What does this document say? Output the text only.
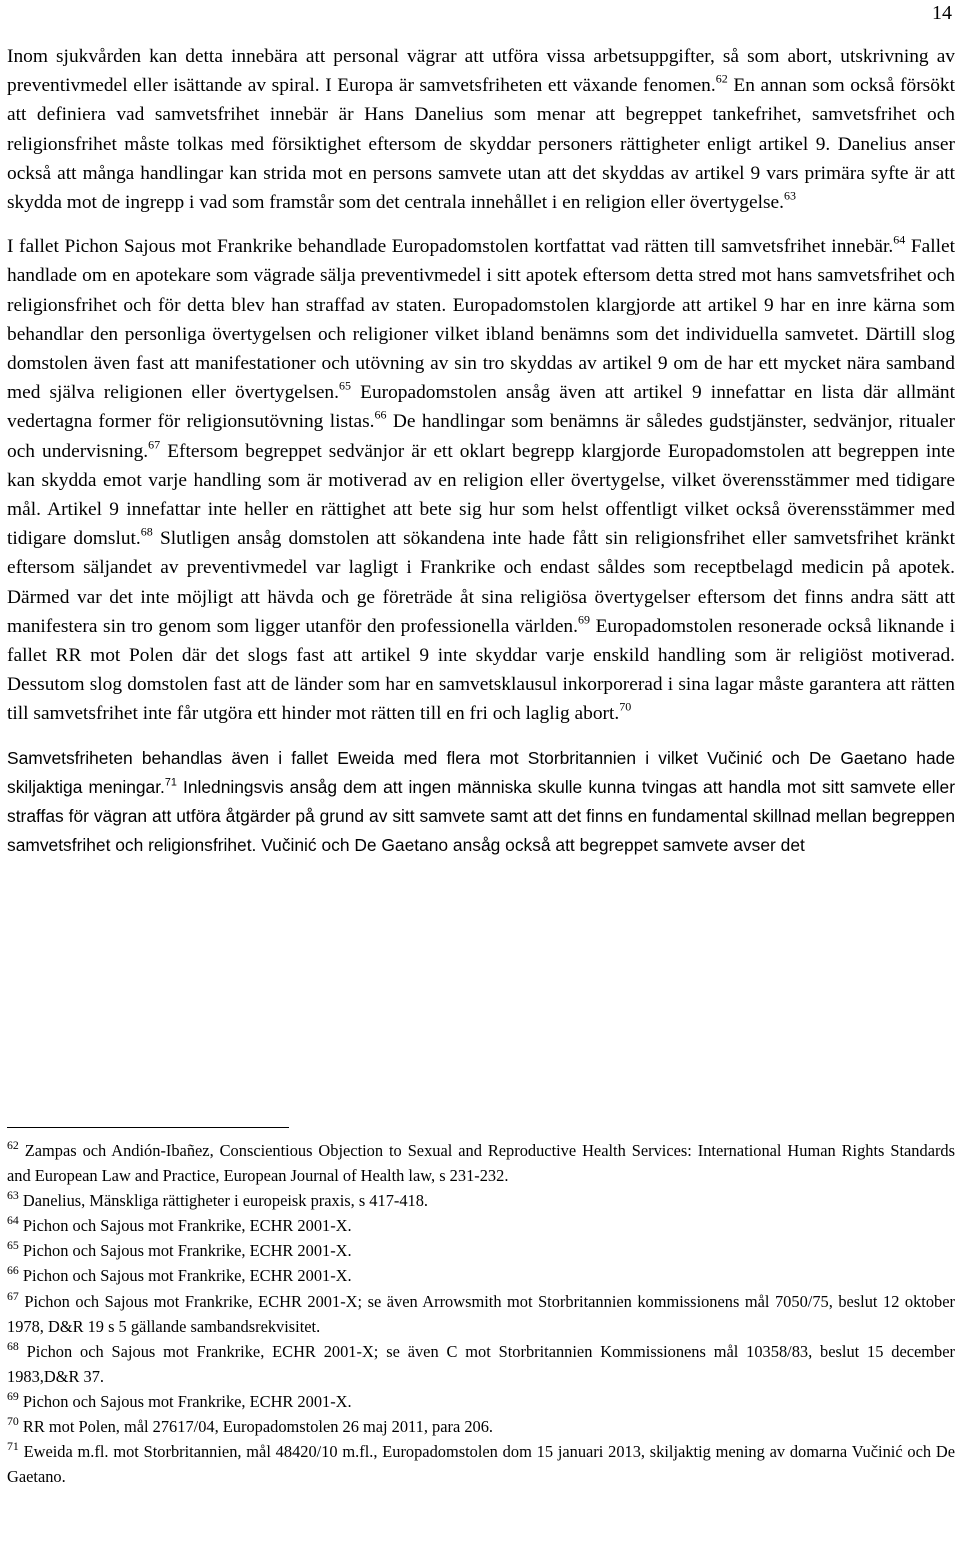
14

Inom sjukvården kan detta innebära att personal vägrar att utföra vissa arbetsuppgifter, så som abort, utskrivning av preventivmedel eller isättande av spiral. I Europa är samvetsfriheten ett växande fenomen.$^{62}$ En annan som också försökt att definiera vad samvetsfrihet innebär är Hans Danelius som menar att begreppet tankefrihet, samvetsfrihet och religionsfrihet måste tolkas med försiktighet eftersom de skyddar personers rättigheter enligt artikel 9. Danelius anser också att många handlingar kan strida mot en persons samvete utan att det skyddas av artikel 9 vars primära syfte är att skydda mot de ingrepp i vad som framstår som det centrala innehållet i en religion eller övertygelse.$^{63}$

I fallet Pichon Sajous mot Frankrike behandlade Europadomstolen kortfattat vad rätten till samvetsfrihet innebär.$^{64}$ Fallet handlade om en apotekare som vägrade sälja preventivmedel i sitt apotek eftersom detta stred mot hans samvetsfrihet och religionsfrihet och för detta blev han straffad av staten. Europadomstolen klargjorde att artikel 9 har en inre kärna som behandlar den personliga övertygelsen och religioner vilket ibland benämns som det individuella samvetet. Därtill slog domstolen även fast att manifestationer och utövning av sin tro skyddas av artikel 9 om de har ett mycket nära samband med själva religionen eller övertygelsen.$^{65}$ Europadomstolen ansåg även att artikel 9 innefattar en lista där allmänt vedertagna former för religionsutövning listas.$^{66}$ De handlingar som benämns är således gudstjänster, sedvänjor, ritualer och undervisning.$^{67}$ Eftersom begreppet sedvänjor är ett oklart begrepp klargjorde Europadomstolen att begreppen inte kan skydda emot varje handling som är motiverad av en religion eller övertygelse, vilket överensstämmer med tidigare mål. Artikel 9 innefattar inte heller en rättighet att bete sig hur som helst offentligt vilket också överensstämmer med tidigare domslut.$^{68}$ Slutligen ansåg domstolen att sökandena inte hade fått sin religionsfrihet eller samvetsfrihet kränkt eftersom säljandet av preventivmedel var lagligt i Frankrike och endast såldes som receptbelagd medicin på apotek. Därmed var det inte möjligt att hävda och ge företräde åt sina religiösa övertygelser eftersom det finns andra sätt att manifestera sin tro genom som ligger utanför den professionella världen.$^{69}$ Europadomstolen resonerade också liknande i fallet RR mot Polen där det slogs fast att artikel 9 inte skyddar varje enskild handling som är religiöst motiverad. Dessutom slog domstolen fast att de länder som har en samvetsklausul inkorporerad i sina lagar måste garantera att rätten till samvetsfrihet inte får utgöra ett hinder mot rätten till en fri och laglig abort.$^{70}$

Samvetsfriheten behandlas även i fallet Eweida med flera mot Storbritannien i vilket Vučinić och De Gaetano hade skiljaktiga meningar.$^{71}$ Inledningsvis ansåg dem att ingen människa skulle kunna tvingas att handla mot sitt samvete eller straffas för vägran att utföra åtgärder på grund av sitt samvete samt att det finns en fundamental skillnad mellan begreppen samvetsfrihet och religionsfrihet. Vučinić och De Gaetano ansåg också att begreppet samvete avser det

$^{62}$ Zampas och Andión-Ibañez, Conscientious Objection to Sexual and Reproductive Health Services: International Human Rights Standards and European Law and Practice, European Journal of Health law, s 231-232.

$^{63}$ Danelius, Mänskliga rättigheter i europeisk praxis, s 417-418.

$^{64}$ Pichon och Sajous mot Frankrike, ECHR 2001-X.

$^{65}$ Pichon och Sajous mot Frankrike, ECHR 2001-X.

$^{66}$ Pichon och Sajous mot Frankrike, ECHR 2001-X.

$^{67}$ Pichon och Sajous mot Frankrike, ECHR 2001-X; se även Arrowsmith mot Storbritannien kommissionens mål 7050/75, beslut 12 oktober 1978, D&R 19 s 5 gällande sambandsrekvisitet.

$^{68}$ Pichon och Sajous mot Frankrike, ECHR 2001-X; se även C mot Storbritannien Kommissionens mål 10358/83, beslut 15 december 1983,D&R 37.

$^{69}$ Pichon och Sajous mot Frankrike, ECHR 2001-X.

$^{70}$ RR mot Polen, mål 27617/04, Europadomstolen 26 maj 2011, para 206.

$^{71}$ Eweida m.fl. mot Storbritannien, mål 48420/10 m.fl., Europadomstolen dom 15 januari 2013, skiljaktig mening av domarna Vučinić och De Gaetano.
